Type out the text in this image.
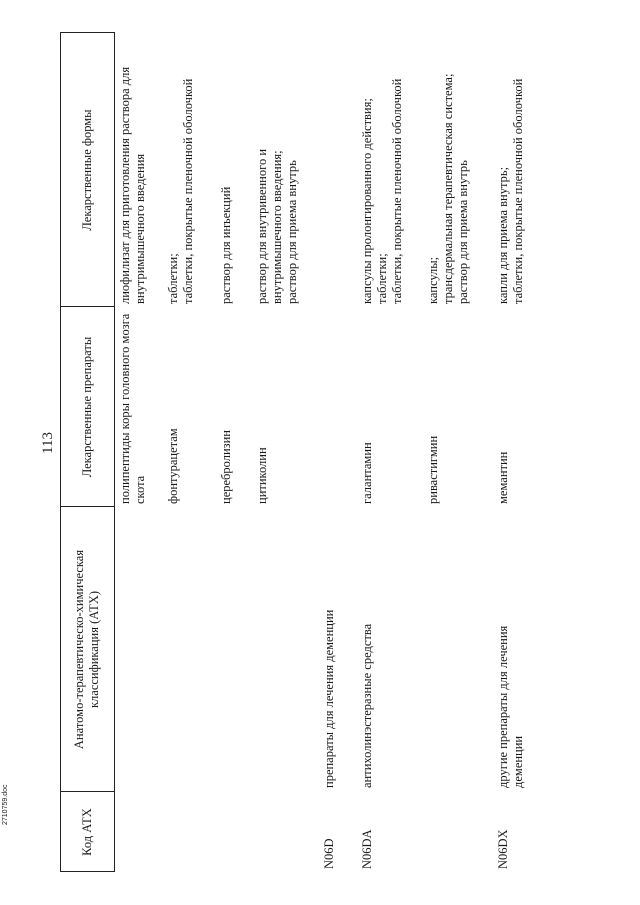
113
Код АТХ
Анатомо-терапевтическо-химическая классификация (АТХ)
Лекарственные препараты
Лекарственные формы
полипептиды коры головного мозга скота
лиофилизат для приготовления раствора для внутримышечного введения
фонтурацетам
таблетки;
таблетки, покрытые пленочной оболочкой
церебролизин
раствор для инъекций
цитиколин
раствор для внутривенного и внутримышечного введения;
раствор для приема внутрь
N06D
препараты для лечения деменции
N06DA
антихолинэстеразные средства
галантамин
капсулы пролонгированного действия;
таблетки;
таблетки, покрытые пленочной оболочкой
ривастигмин
капсулы;
трансдермальная терапевтическая система;
раствор для приема внутрь
N06DX
другие препараты для лечения деменции
мемантин
капли для приема внутрь;
таблетки, покрытые пленочной оболочкой
2710759.doc
